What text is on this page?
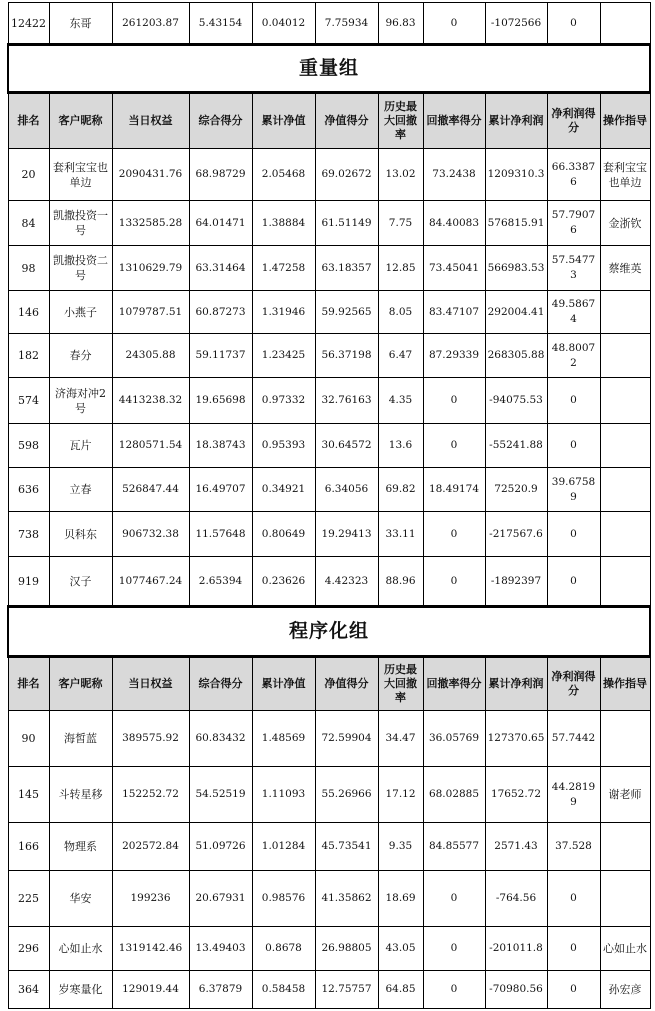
12422	东哥	261203.87	5.43154	0.04012	7.75934	96.83	0	-1072566	0	
重量组										
排名	客户昵称	当日权益	综合得分	累计净值	净值得分	历史最大回撤率	回撤率得分	累计净利润	净利润得分	操作指导
20	套利宝宝也单边	2090431.76	68.98729	2.05468	69.02672	13.02	73.2438	1209310.3	66.33876	套利宝宝也单边
84	凯撒投资一号	1332585.28	64.01471	1.38884	61.51149	7.75	84.40083	576815.91	57.79076	金浙钦
98	凯撒投资二号	1310629.79	63.31464	1.47258	63.18357	12.85	73.45041	566983.53	57.54773	蔡维英
146	小燕子	1079787.51	60.87273	1.31946	59.92565	8.05	83.47107	292004.41	49.58674	
182	春分	24305.88	59.11737	1.23425	56.37198	6.47	87.29339	268305.88	48.80072	
574	济海对冲2号	4413238.32	19.65698	0.97332	32.76163	4.35	0	-94075.53	0	
598	瓦片	1280571.54	18.38743	0.95393	30.64572	13.6	0	-55241.88	0	
636	立春	526847.44	16.49707	0.34921	6.34056	69.82	18.49174	72520.9	39.67589	
738	贝科东	906732.38	11.57648	0.80649	19.29413	33.11	0	-217567.6	0	
919	汉子	1077467.24	2.65394	0.23626	4.42323	88.96	0	-1892397	0	
程序化组										
排名	客户昵称	当日权益	综合得分	累计净值	净值得分	历史最大回撤率	回撤率得分	累计净利润	净利润得分	操作指导
90	海皙蓝	389575.92	60.83432	1.48569	72.59904	34.47	36.05769	127370.65	57.7442	
145	斗转星移	152252.72	54.52519	1.11093	55.26966	17.12	68.02885	17652.72	44.28199	谢老师
166	物理系	202572.84	51.09726	1.01284	45.73541	9.35	84.85577	2571.43	37.528	
225	华安	199236	20.67931	0.98576	41.35862	18.69	0	-764.56	0	
296	心如止水	1319142.46	13.49403	0.8678	26.98805	43.05	0	-201011.8	0	心如止水
364	岁寒量化	129019.44	6.37879	0.58458	12.75757	64.85	0	-70980.56	0	孙宏彦
